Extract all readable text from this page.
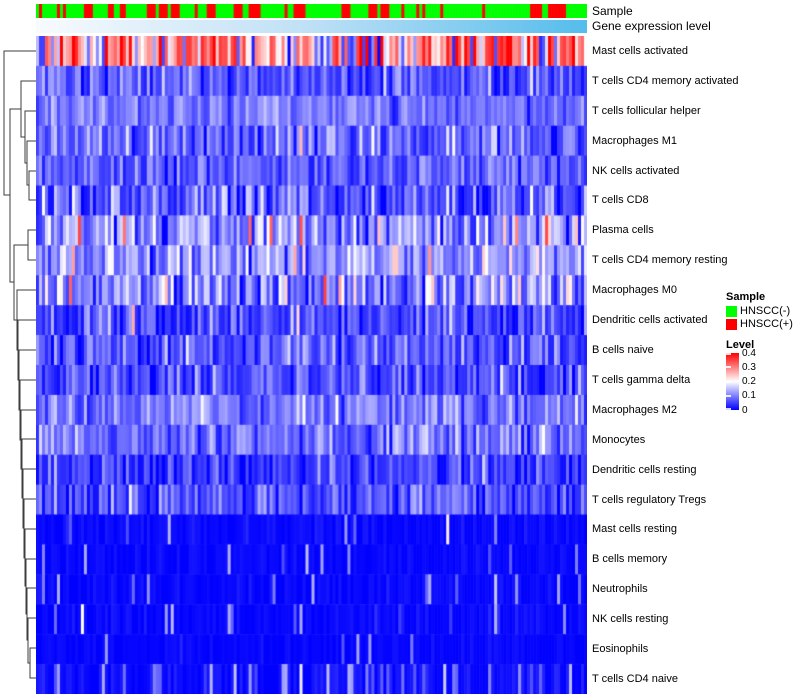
Sample
Gene expression level
Mast cells activated
T cells CD4 memory activated
T cells follicular helper
Macrophages M1
NK cells activated
T cells CD8
Plasma cells
T cells CD4 memory resting
Macrophages M0
Dendritic cells activated
B cells naive
T cells gamma delta
Macrophages M2
Monocytes
Dendritic cells resting
T cells regulatory Tregs
Mast cells resting
B cells memory
Neutrophils
NK cells resting
Eosinophils
T cells CD4 naive
Sample
HNSCC(-)
HNSCC(+)
Level
0.4
0.3
0.2
0.1
0
